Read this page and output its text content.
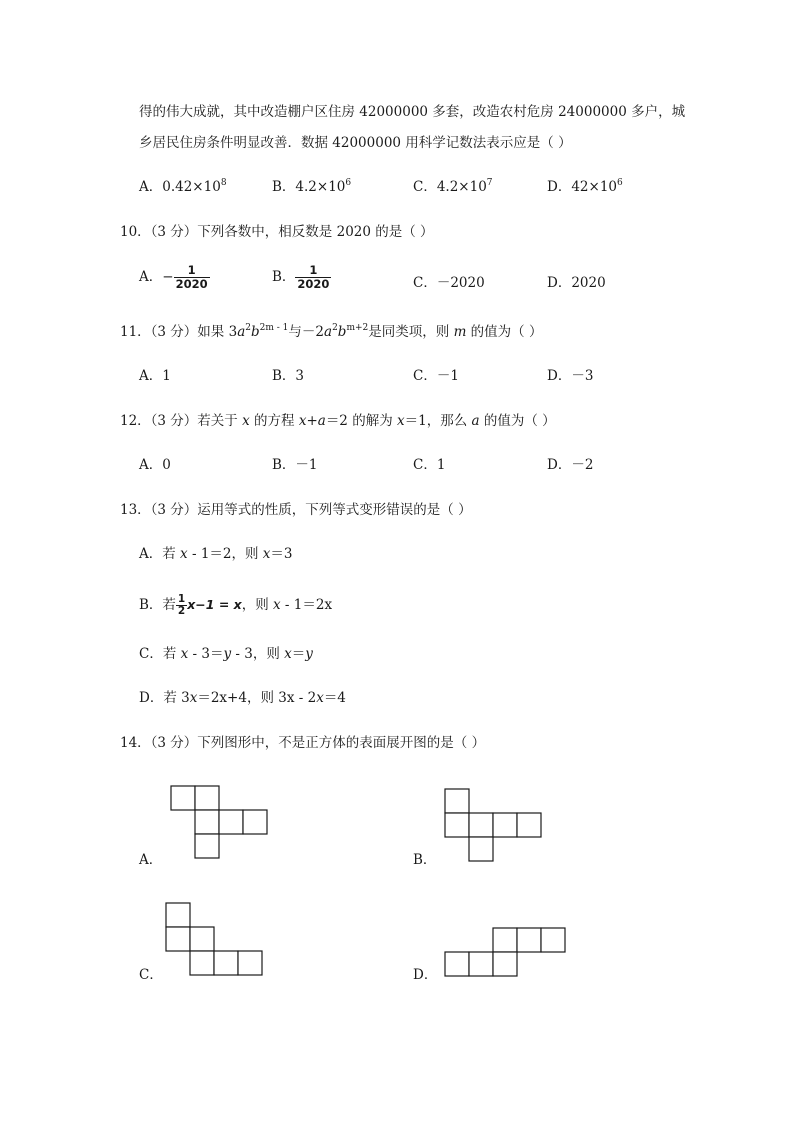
得的伟大成就，其中改造棚户区住房 42000000 多套，改造农村危房 24000000 多户，城
乡居民住房条件明显改善．数据 42000000 用科学记数法表示应是（ ）
A．$0.42\times 10^8$	B．$4.2\times 10^6$	C．$4.2\times 10^7$	D．$42\times 10^6$
10．（3 分）下列各数中，相反数是 2020 的是（ ）
A．− $\frac{1}{2020}$	B． $\frac{1}{2020}$	C．－2020	D．2020
11．（3 分）如果 $3a^2b^{2m - 1}$与$-2a^2b^{m+2}$是同类项，则 m 的值为（ ）
A．1	B．3	C．－1	D．－3
12．（3 分）若关于 x 的方程 x+a＝2 的解为 x＝1，那么 a 的值为（ ）
A．0	B．－1	C．1	D．－2
13．（3 分）运用等式的性质，下列等式变形错误的是（ ）
A．若 x - 1＝2，则 x＝3
B．若 $\frac{1}{2} x-1 = x$，则 x - 1＝2x
C．若 x - 3＝y - 3，则 x＝y
D．若 3x＝2x+4，则 3x - 2x＝4
14．（3 分）下列图形中，不是正方体的表面展开图的是（ ）
A．	B．
C．	D．
